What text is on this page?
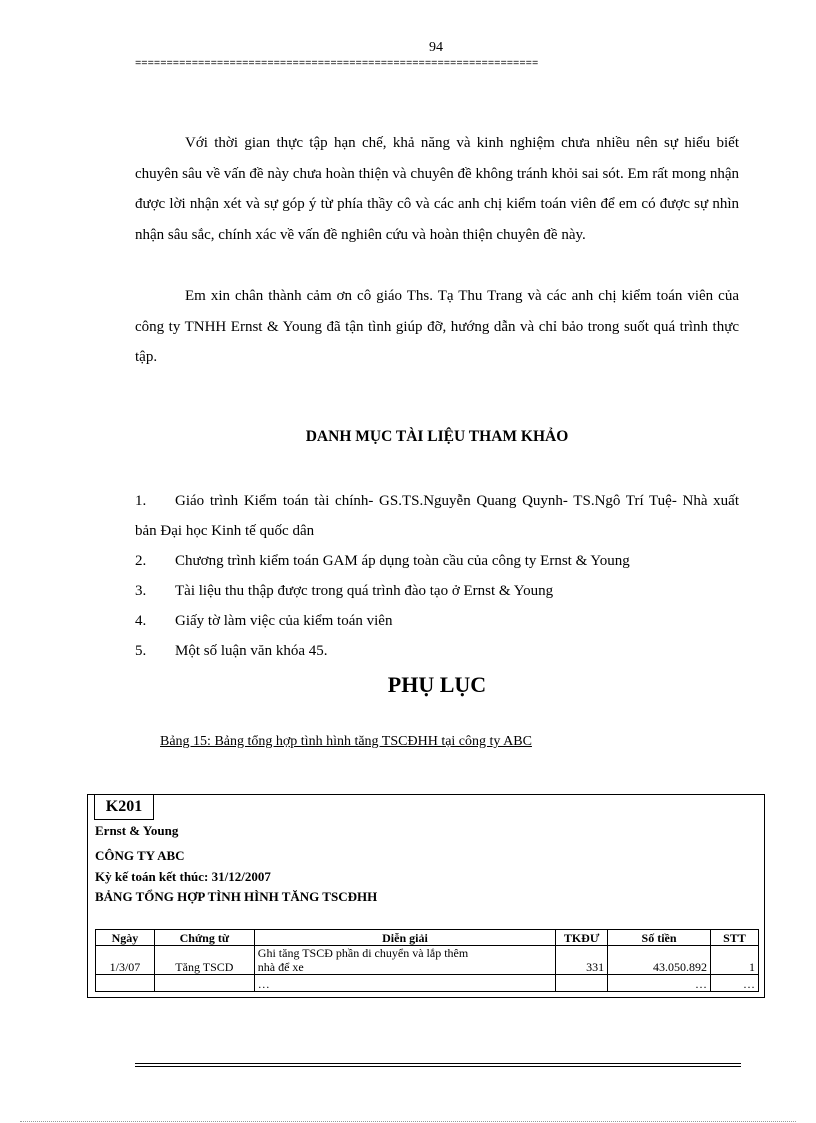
94
================================================================
Với thời gian thực tập hạn chế, khả năng và kinh nghiệm chưa nhiều nên sự hiểu biết chuyên sâu về vấn đề này chưa hoàn thiện và chuyên đề không tránh khỏi sai sót. Em rất mong nhận được lời nhận xét và sự góp ý từ phía thầy cô và các anh chị kiểm toán viên để em có được sự nhìn nhận sâu sắc, chính xác về vấn đề nghiên cứu và hoàn thiện chuyên đề này.
Em xin chân thành cảm ơn cô giáo Ths. Tạ Thu Trang và các anh chị kiểm toán viên của công ty TNHH Ernst & Young đã tận tình giúp đỡ, hướng dẫn và chỉ bảo trong suốt quá trình thực tập.
DANH MỤC TÀI LIỆU THAM KHẢO
1.	Giáo trình Kiểm toán tài chính- GS.TS.Nguyễn Quang Quynh- TS.Ngô Trí Tuệ- Nhà xuất bản Đại học Kinh tế quốc dân
2.	Chương trình kiểm toán GAM áp dụng toàn cầu của công ty Ernst & Young
3.	Tài liệu thu thập được trong quá trình đào tạo ở Ernst & Young
4.	Giấy tờ làm việc của kiểm toán viên
5.	Một số luận văn khóa 45.
PHỤ LỤC
Bảng 15: Bảng tổng hợp tình hình tăng TSCĐHH tại công ty ABC
K201
Ernst & Young
CÔNG TY ABC
Kỳ kế toán kết thúc: 31/12/2007
BẢNG TỔNG HỢP TÌNH HÌNH TĂNG TSCĐHH
Ngày	Chứng từ	Diễn giải	TKĐƯ	Số tiền	STT
1/3/07	Tăng TSCD	Ghi tăng TSCĐ phần di chuyển và lắp thêm
nhà để xe	331	43.050.892	1
		…		…	…
